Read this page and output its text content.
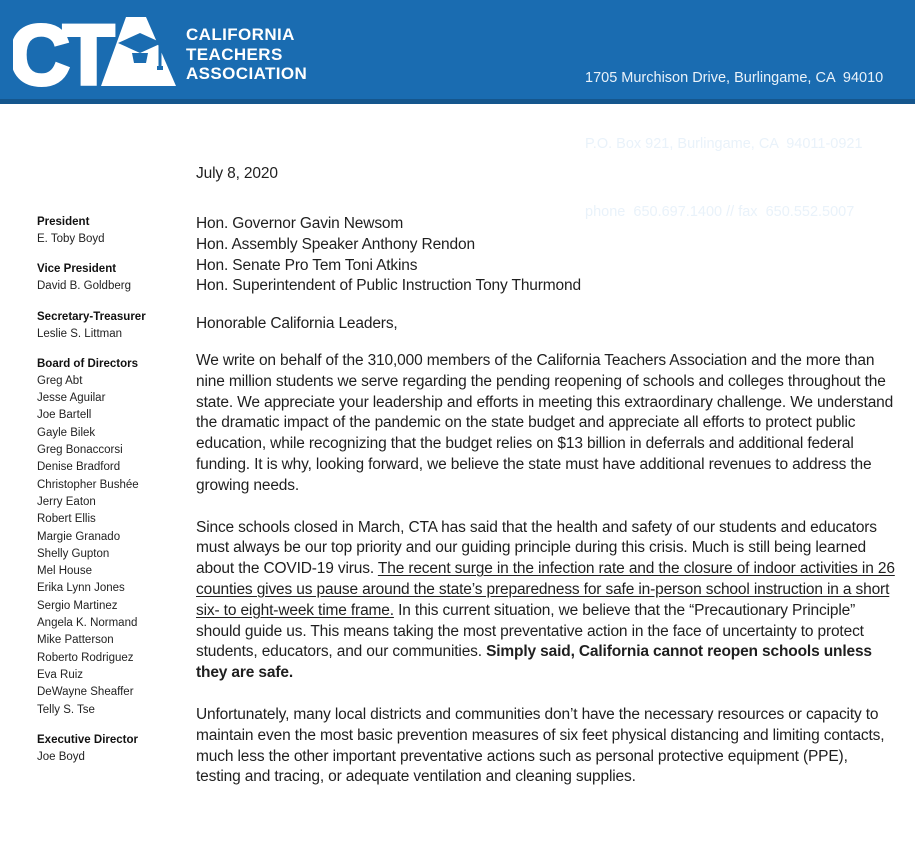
C
T	CALIFORNIA
TEACHERS
ASSOCIATION

	1705 Murchison Drive, Burlingame, CA  94010

P.O. Box 921, Burlingame, CA  94011-0921

phone  650.697.1400 // fax  650.552.5007

President
E. Toby Boyd
Vice President
David B. Goldberg
Secretary-Treasurer
Leslie S. Littman
Board of Directors
Greg Abt
Jesse Aguilar
Joe Bartell
Gayle Bilek
Greg Bonaccorsi
Denise Bradford
Christopher Bushée
Jerry Eaton
Robert Ellis
Margie Granado
Shelly Gupton
Mel House
Erika Lynn Jones
Sergio Martinez
Angela K. Normand
Mike Patterson
Roberto Rodriguez
Eva Ruiz
DeWayne Sheaffer
Telly S. Tse
Executive Director
Joe Boyd

July 8, 2020

Hon. Governor Gavin Newsom
Hon. Assembly Speaker Anthony Rendon
Hon. Senate Pro Tem Toni Atkins
Hon. Superintendent of Public Instruction Tony Thurmond

Honorable California Leaders,

We write on behalf of the 310,000 members of the California Teachers Association and the more than nine million students we serve regarding the pending reopening of schools and colleges throughout the state. We appreciate your leadership and efforts in meeting this extraordinary challenge. We understand the dramatic impact of the pandemic on the state budget and appreciate all efforts to protect public education, while recognizing that the budget relies on $13 billion in deferrals and additional federal funding. It is why, looking forward, we believe the state must have additional revenues to address the growing needs.

Since schools closed in March, CTA has said that the health and safety of our students and educators must always be our top priority and our guiding principle during this crisis. Much is still being learned about the COVID-19 virus. The recent surge in the infection rate and the closure of indoor activities in 26 counties gives us pause around the state’s preparedness for safe in-person school instruction in a short six- to eight-week time frame. In this current situation, we believe that the “Precautionary Principle” should guide us. This means taking the most preventative action in the face of uncertainty to protect students, educators, and our communities. Simply said, California cannot reopen schools unless they are safe.

Unfortunately, many local districts and communities don’t have the necessary resources or capacity to maintain even the most basic prevention measures of six feet physical distancing and limiting contacts, much less the other important preventative actions such as personal protective equipment (PPE), testing and tracing, or adequate ventilation and cleaning supplies.
